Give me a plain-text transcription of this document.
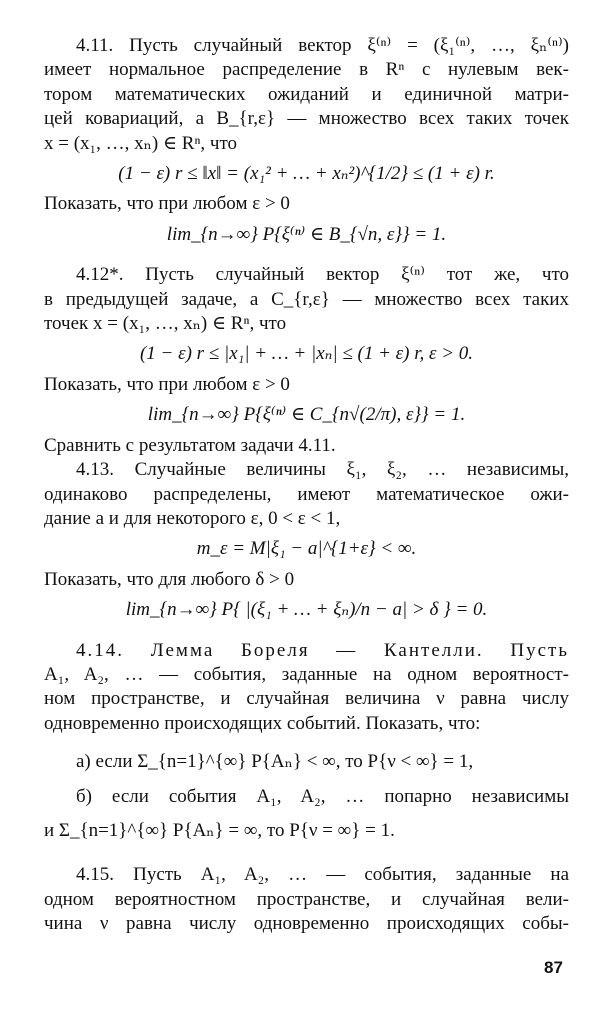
4.11. Пусть случайный вектор ξ⁽ⁿ⁾ = (ξ₁⁽ⁿ⁾, …, ξₙ⁽ⁿ⁾)
имеет нормальное распределение в Rⁿ с нулевым век-
тором математических ожиданий и единичной матри-
цей ковариаций, а B_{r,ε} — множество всех таких точек
x = (x₁, …, xₙ) ∈ Rⁿ, что
(1 − ε) r ≤ ‖x‖ = (x₁² + … + xₙ²)^{1/2} ≤ (1 + ε) r.
Показать, что при любом ε > 0
lim_{n→∞} P{ξ⁽ⁿ⁾ ∈ B_{√n, ε}} = 1.
4.12*. Пусть случайный вектор ξ⁽ⁿ⁾ тот же, что
в предыдущей задаче, а C_{r,ε} — множество всех таких
точек x = (x₁, …, xₙ) ∈ Rⁿ, что
(1 − ε) r ≤ |x₁| + … + |xₙ| ≤ (1 + ε) r, ε > 0.
Показать, что при любом ε > 0
lim_{n→∞} P{ξ⁽ⁿ⁾ ∈ C_{n√(2/π), ε}} = 1.
Сравнить с результатом задачи 4.11.
4.13. Случайные величины ξ₁, ξ₂, … независимы,
одинаково распределены, имеют математическое ожи-
дание a и для некоторого ε, 0 < ε < 1,
m_ε = M|ξ₁ − a|^{1+ε} < ∞.
Показать, что для любого δ > 0
lim_{n→∞} P{ |(ξ₁ + … + ξₙ)/n − a| > δ } = 0.
4.14. Лемма Бореля — Кантелли. Пусть
A₁, A₂, … — события, заданные на одном вероятност-
ном пространстве, и случайная величина ν равна числу
одновременно происходящих событий. Показать, что:
а) если Σ_{n=1}^{∞} P{Aₙ} < ∞, то P{ν < ∞} = 1,
б) если события A₁, A₂, … попарно независимы
и Σ_{n=1}^{∞} P{Aₙ} = ∞, то P{ν = ∞} = 1.
4.15. Пусть A₁, A₂, … — события, заданные на
одном вероятностном пространстве, и случайная вели-
чина ν равна числу одновременно происходящих собы-
87
